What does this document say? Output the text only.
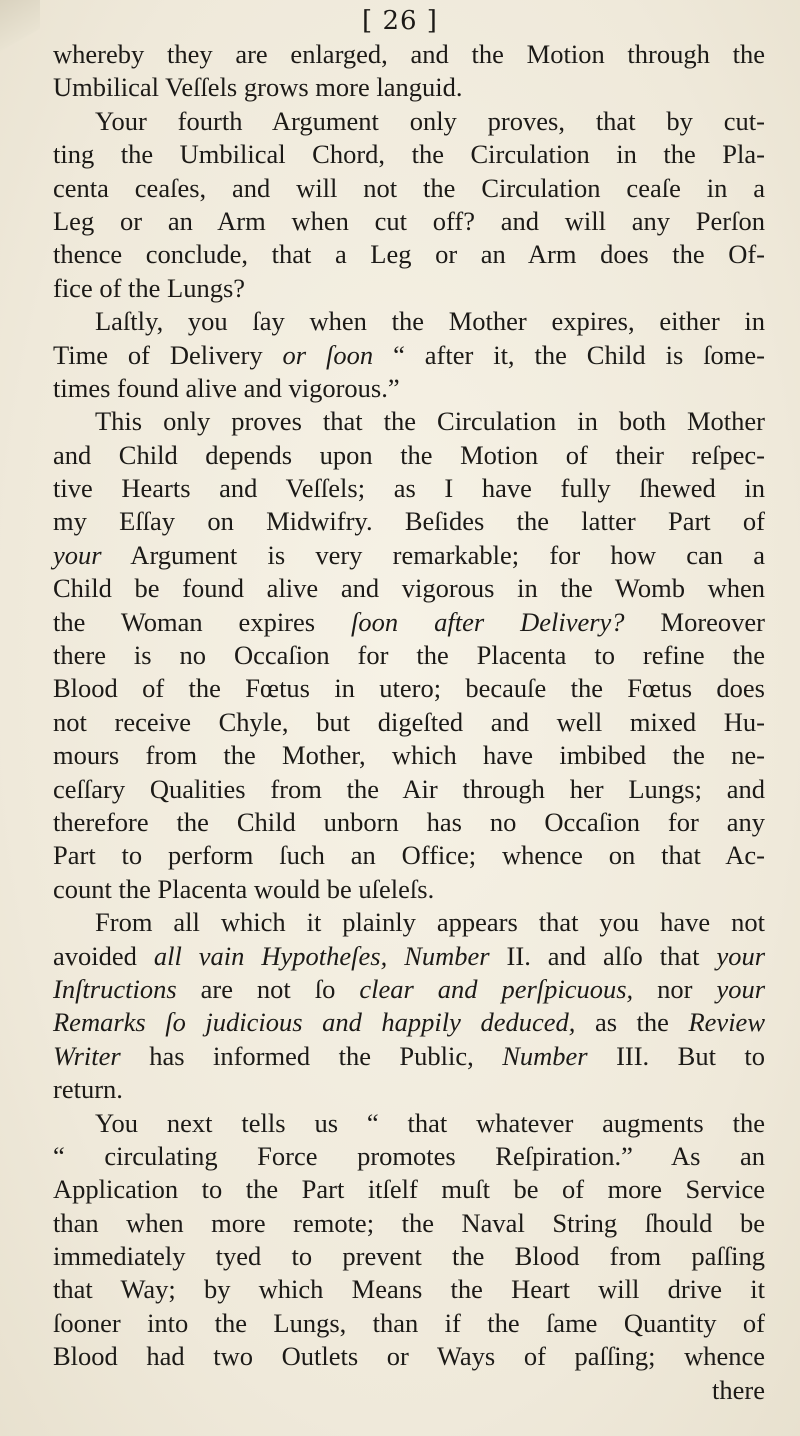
[ 26 ]
whereby they are enlarged, and the Motion through the
Umbilical Veſſels grows more languid.
Your fourth Argument only proves, that by cut-
ting the Umbilical Chord, the Circulation in the Pla-
centa ceaſes, and will not the Circulation ceaſe in a
Leg or an Arm when cut off? and will any Perſon
thence conclude, that a Leg or an Arm does the Of-
fice of the Lungs?
Laſtly, you ſay when the Mother expires, either in
Time of Delivery or ſoon “ after it, the Child is ſome-
times found alive and vigorous.”
This only proves that the Circulation in both Mother
and Child depends upon the Motion of their reſpec-
tive Hearts and Veſſels; as I have fully ſhewed in
my Eſſay on Midwifry. Beſides the latter Part of
your Argument is very remarkable; for how can a
Child be found alive and vigorous in the Womb when
the Woman expires ſoon after Delivery? Moreover
there is no Occaſion for the Placenta to refine the
Blood of the Fœtus in utero; becauſe the Fœtus does
not receive Chyle, but digeſted and well mixed Hu-
mours from the Mother, which have imbibed the ne-
ceſſary Qualities from the Air through her Lungs; and
therefore the Child unborn has no Occaſion for any
Part to perform ſuch an Office; whence on that Ac-
count the Placenta would be uſeleſs.
From all which it plainly appears that you have not
avoided all vain Hypotheſes, Number II. and alſo that your
Inſtructions are not ſo clear and perſpicuous, nor your
Remarks ſo judicious and happily deduced, as the Review
Writer has informed the Public, Number III. But to
return.
You next tells us “ that whatever augments the
“ circulating Force promotes Reſpiration.” As an
Application to the Part itſelf muſt be of more Service
than when more remote; the Naval String ſhould be
immediately tyed to prevent the Blood from paſſing
that Way; by which Means the Heart will drive it
ſooner into the Lungs, than if the ſame Quantity of
Blood had two Outlets or Ways of paſſing; whence
there
